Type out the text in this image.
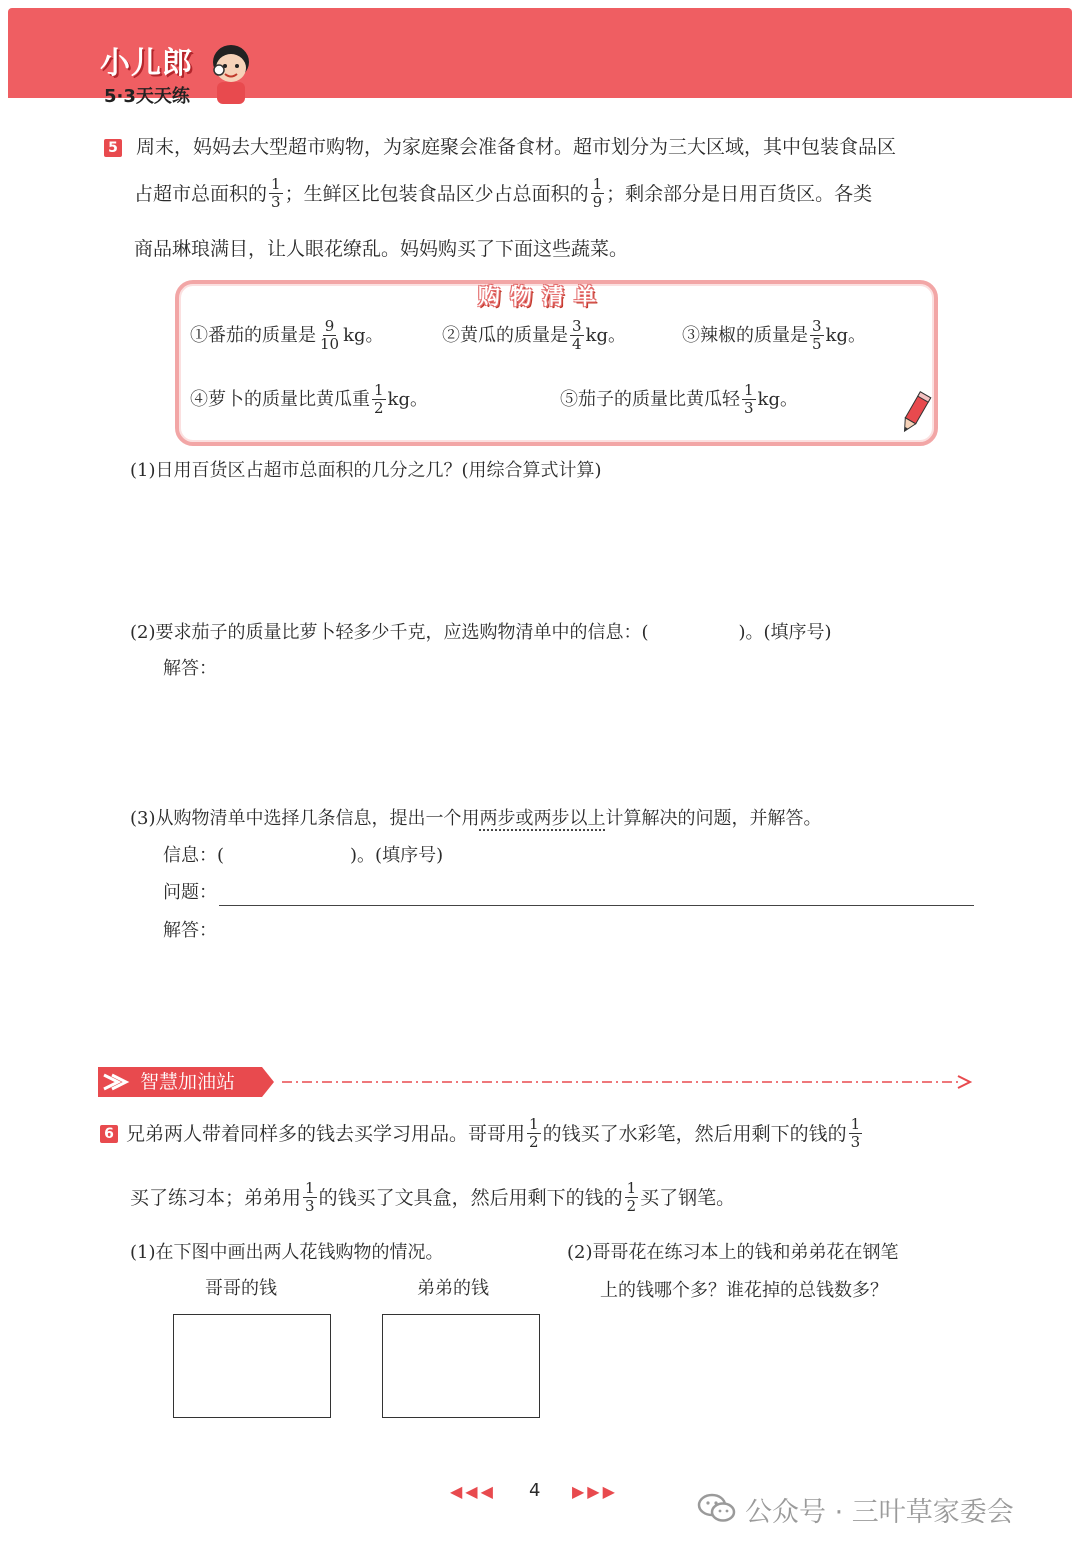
小儿郎
5·3天天练
5 周末，妈妈去大型超市购物，为家庭聚会准备食材。超市划分为三大区域，其中包装食品区
占超市总面积的 $\frac{1}{3}$ ；生鲜区比包装食品区少占总面积的 $\frac{1}{9}$ ；剩余部分是日用百货区。各类
商品琳琅满目，让人眼花缭乱。妈妈购买了下面这些蔬菜。
购物清单
①番茄的质量是 $\frac{9}{10}$ kg。	②黄瓜的质量是 $\frac{3}{4}$ kg。	③辣椒的质量是 $\frac{3}{5}$ kg。
④萝卜的质量比黄瓜重 $\frac{1}{2}$ kg。	⑤茄子的质量比黄瓜轻 $\frac{1}{3}$ kg。
(1)日用百货区占超市总面积的几分之几？(用综合算式计算)
(2)要求茄子的质量比萝卜轻多少千克，应选购物清单中的信息：(　　　　　)。(填序号)
解答：
(3)从购物清单中选择几条信息，提出一个用两步或两步以上计算解决的问题，并解答。
信息：(　　　　　　　)。(填序号)
问题：
解答：
智慧加油站
6 兄弟两人带着同样多的钱去买学习用品。哥哥用 $\frac{1}{2}$ 的钱买了水彩笔，然后用剩下的钱的 $\frac{1}{3}$
买了练习本；弟弟用 $\frac{1}{3}$ 的钱买了文具盒，然后用剩下的钱的 $\frac{1}{2}$ 买了钢笔。
(1)在下图中画出两人花钱购物的情况。
哥哥的钱	弟弟的钱
(2)哥哥花在练习本上的钱和弟弟花在钢笔
上的钱哪个多？谁花掉的总钱数多？
◀◀◀ 4 ▶▶▶
公众号 · 三叶草家委会
